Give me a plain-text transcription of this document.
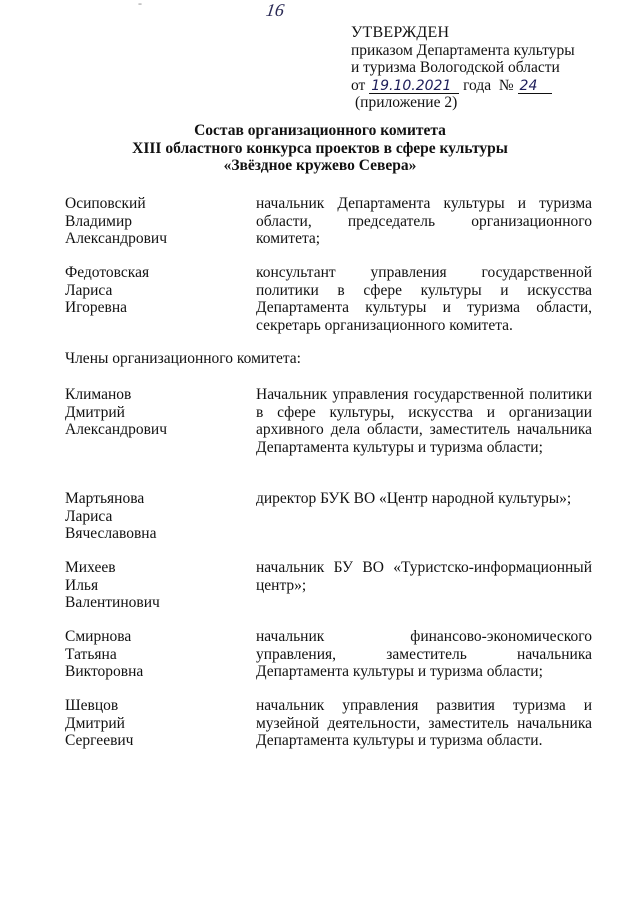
-	16
УТВЕРЖДЕН
приказом Департамента культуры
и туризма Вологодской области
от 19.10.2021 года № 24
(приложение 2)
Состав организационного комитета
XIII областного конкурса проектов в сфере культуры
«Звёздное кружево Севера»
Осиповский
Владимир
Александрович
начальник Департамента культуры и туризма области, председатель организационного комитета;
Федотовская
Лариса
Игоревна
консультант управления государственной политики в сфере культуры и искусства Департамента культуры и туризма области, секретарь организационного комитета.
Члены организационного комитета:
Климанов
Дмитрий
Александрович
Начальник управления государственной политики в сфере культуры, искусства и организации архивного дела области, заместитель начальника Департамента культуры и туризма области;
Мартьянова
Лариса
Вячеславовна
директор БУК ВО «Центр народной культуры»;
Михеев
Илья
Валентинович
начальник БУ ВО «Туристско-информационный центр»;
Смирнова
Татьяна
Викторовна
начальник финансово-экономического управления, заместитель начальника Департамента культуры и туризма области;
Шевцов
Дмитрий
Сергеевич
начальник управления развития туризма и музейной деятельности, заместитель начальника Департамента культуры и туризма области.
